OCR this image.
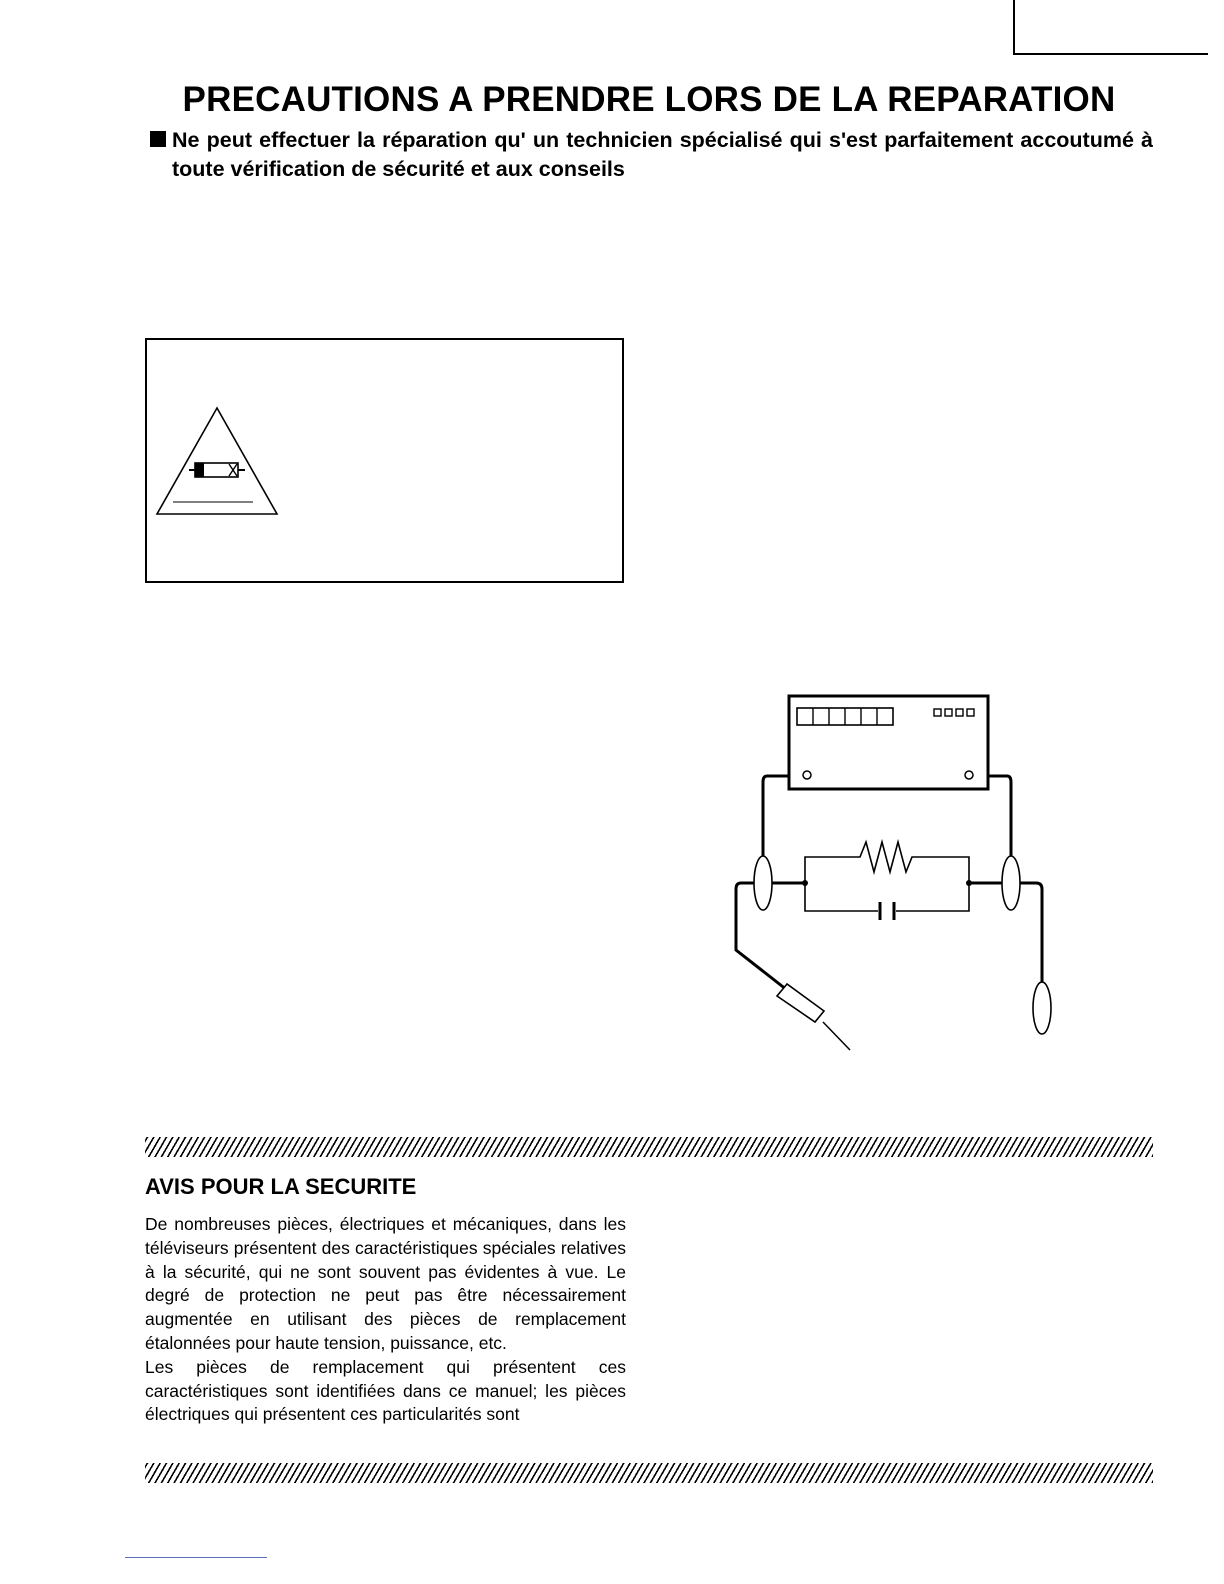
PRECAUTIONS A PRENDRE LORS DE LA REPARATION
Ne peut effectuer la réparation qu' un technicien spécialisé qui s'est parfaitement accoutumé à toute vérification de sécurité et aux conseils
AVIS POUR LA SECURITE

De nombreuses pièces, électriques et mécaniques, dans les téléviseurs présentent des caractéristiques spéciales relatives à la sécurité, qui ne sont souvent pas évidentes à vue. Le degré de protection ne peut pas être nécessairement augmentée en utilisant des pièces de remplacement étalonnées pour haute tension, puissance, etc.

Les pièces de remplacement qui présentent ces caractéristiques sont identifiées dans ce manuel; les pièces électriques qui présentent ces particularités sont
